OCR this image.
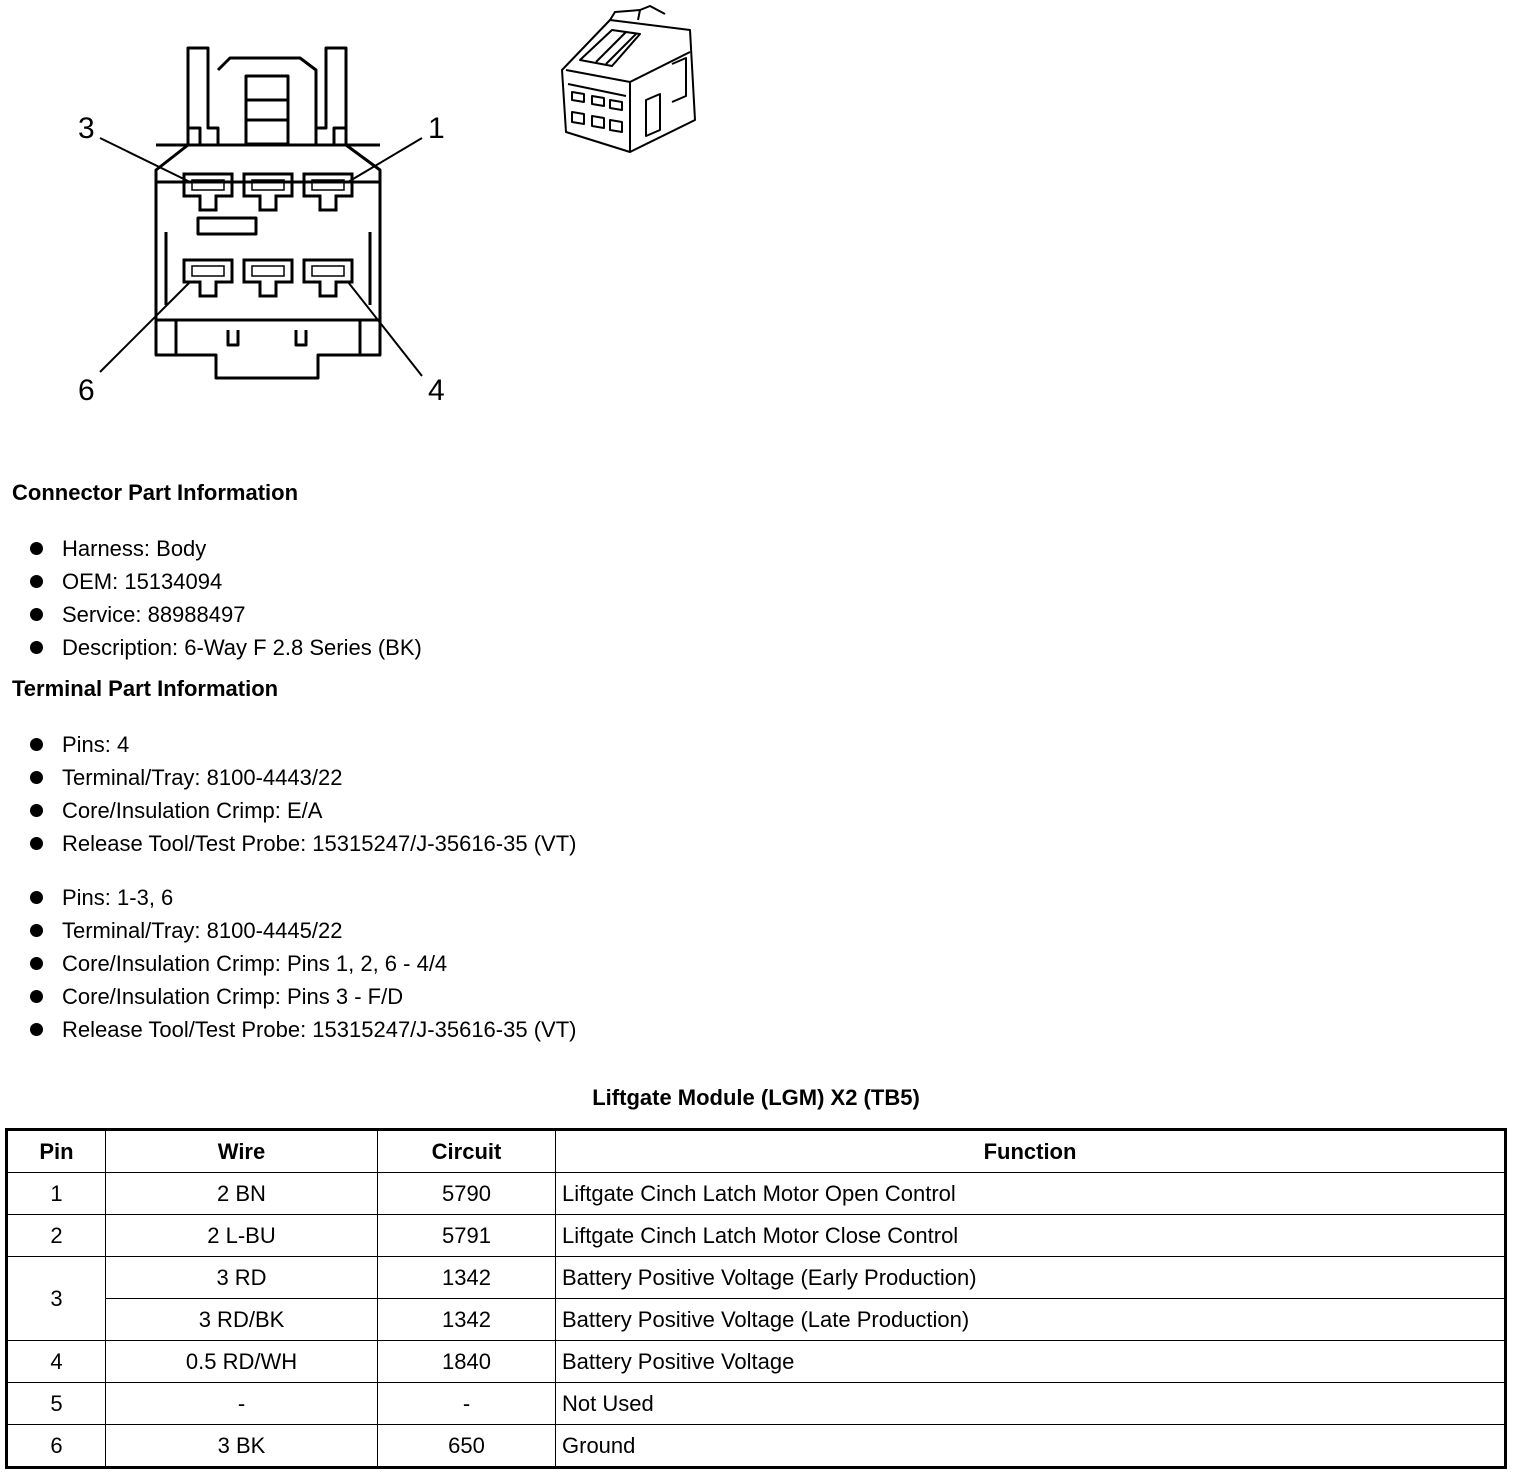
3	1
6	4
Connector Part Information
Harness: Body
OEM: 15134094
Service: 88988497
Description: 6-Way F 2.8 Series (BK)
Terminal Part Information
Pins: 4
Terminal/Tray: 8100-4443/22
Core/Insulation Crimp: E/A
Release Tool/Test Probe: 15315247/J-35616-35 (VT)
Pins: 1-3, 6
Terminal/Tray: 8100-4445/22
Core/Insulation Crimp: Pins 1, 2, 6 - 4/4
Core/Insulation Crimp: Pins 3 - F/D
Release Tool/Test Probe: 15315247/J-35616-35 (VT)
Liftgate Module (LGM) X2 (TB5)
Pin	Wire	Circuit	Function
1	2 BN	5790	Liftgate Cinch Latch Motor Open Control
2	2 L-BU	5791	Liftgate Cinch Latch Motor Close Control
3	3 RD	1342	Battery Positive Voltage (Early Production)
	3 RD/BK	1342	Battery Positive Voltage (Late Production)
4	0.5 RD/WH	1840	Battery Positive Voltage
5	-	-	Not Used
6	3 BK	650	Ground
